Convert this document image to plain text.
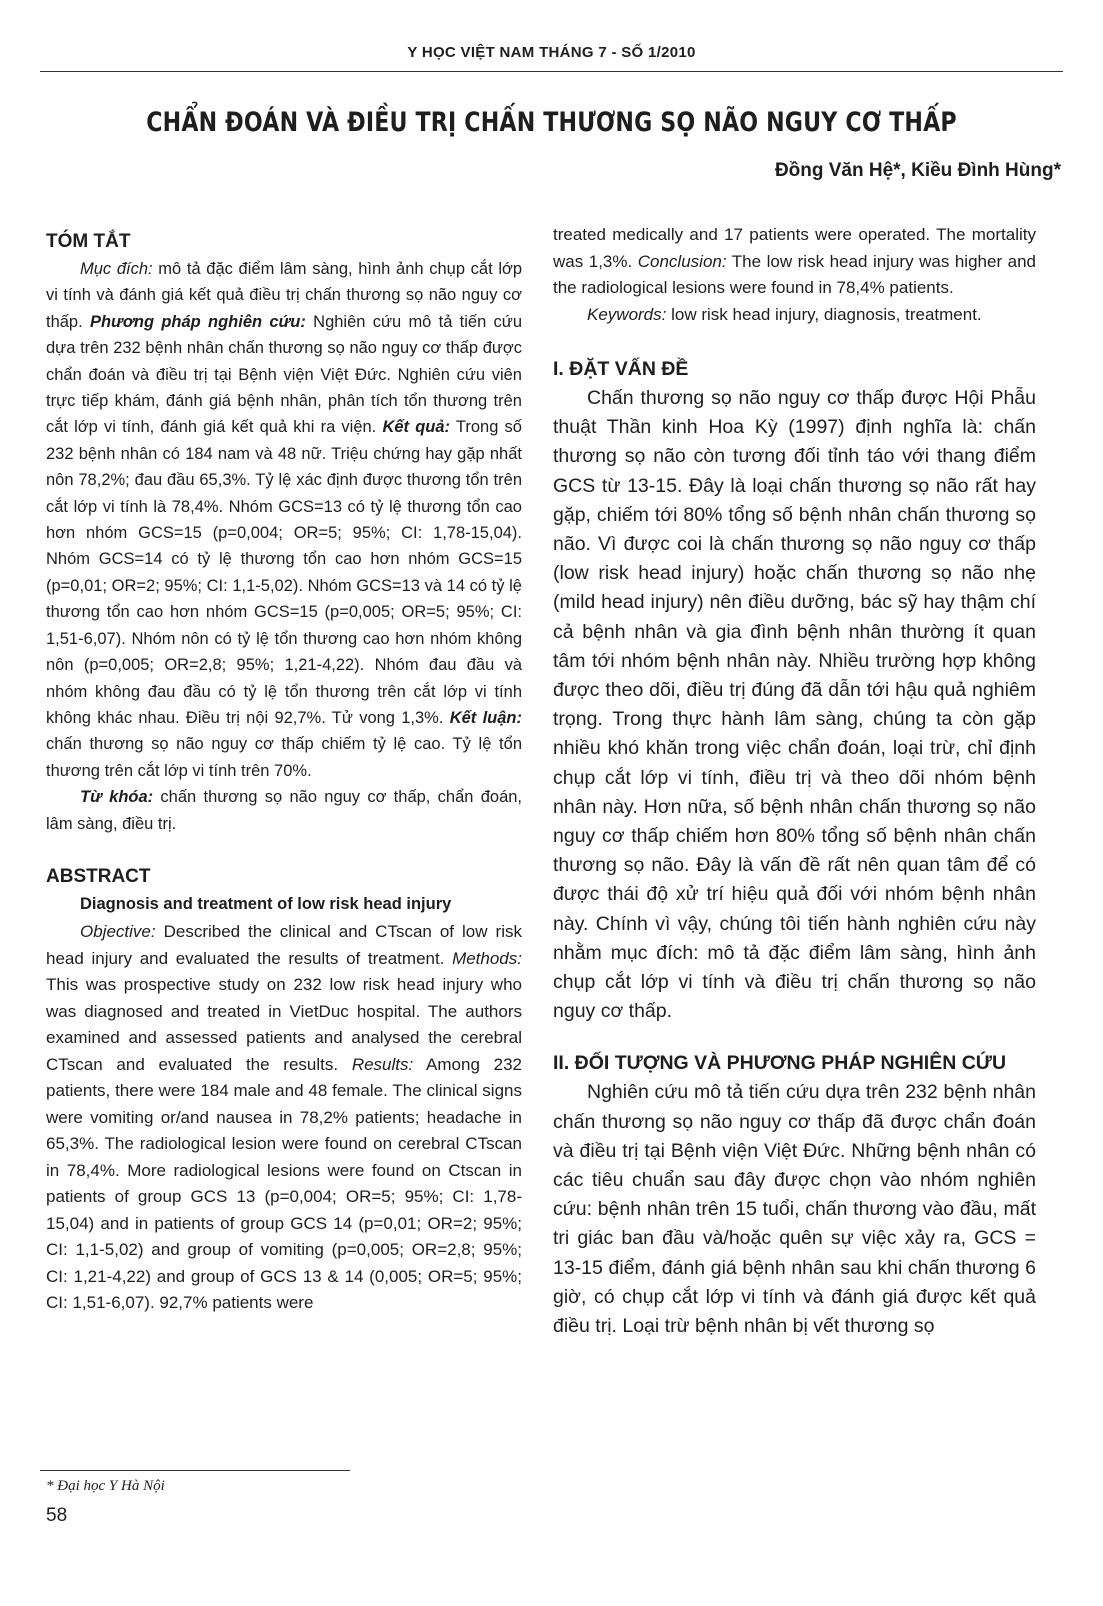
Y HỌC VIỆT NAM THÁNG 7 - SỐ 1/2010
CHẨN ĐOÁN VÀ ĐIỀU TRỊ CHẤN THƯƠNG SỌ NÃO NGUY CƠ THẤP
Đồng Văn Hệ*, Kiều Đình Hùng*
TÓM TẮT

Mục đích: mô tả đặc điểm lâm sàng, hình ảnh chụp cắt lớp vi tính và đánh giá kết quả điều trị chấn thương sọ não nguy cơ thấp. Phương pháp nghiên cứu: Nghiên cứu mô tả tiến cứu dựa trên 232 bệnh nhân chấn thương sọ não nguy cơ thấp được chẩn đoán và điều trị tại Bệnh viện Việt Đức. Nghiên cứu viên trực tiếp khám, đánh giá bệnh nhân, phân tích tổn thương trên cắt lớp vi tính, đánh giá kết quả khi ra viện. Kết quả: Trong số 232 bệnh nhân có 184 nam và 48 nữ. Triệu chứng hay gặp nhất nôn 78,2%; đau đầu 65,3%. Tỷ lệ xác định được thương tổn trên cắt lớp vi tính là 78,4%. Nhóm GCS=13 có tỷ lệ thương tổn cao hơn nhóm GCS=15 (p=0,004; OR=5; 95%; CI: 1,78-15,04). Nhóm GCS=14 có tỷ lệ thương tổn cao hơn nhóm GCS=15 (p=0,01; OR=2; 95%; CI: 1,1-5,02). Nhóm GCS=13 và 14 có tỷ lệ thương tổn cao hơn nhóm GCS=15 (p=0,005; OR=5; 95%; CI: 1,51-6,07). Nhóm nôn có tỷ lệ tổn thương cao hơn nhóm không nôn (p=0,005; OR=2,8; 95%; 1,21-4,22). Nhóm đau đầu và nhóm không đau đầu có tỷ lệ tổn thương trên cắt lớp vi tính không khác nhau. Điều trị nội 92,7%. Tử vong 1,3%. Kết luận: chấn thương sọ não nguy cơ thấp chiếm tỷ lệ cao. Tỷ lệ tổn thương trên cắt lớp vi tính trên 70%.

Từ khóa: chấn thương sọ não nguy cơ thấp, chẩn đoán, lâm sàng, điều trị.

ABSTRACT
Diagnosis and treatment of low risk head injury

Objective: Described the clinical and CTscan of low risk head injury and evaluated the results of treatment. Methods: This was prospective study on 232 low risk head injury who was diagnosed and treated in VietDuc hospital. The authors examined and assessed patients and analysed the cerebral CTscan and evaluated the results. Results: Among 232 patients, there were 184 male and 48 female. The clinical signs were vomiting or/and nausea in 78,2% patients; headache in 65,3%. The radiological lesion were found on cerebral CTscan in 78,4%. More radiological lesions were found on Ctscan in patients of group GCS 13 (p=0,004; OR=5; 95%; CI: 1,78-15,04) and in patients of group GCS 14 (p=0,01; OR=2; 95%; CI: 1,1-5,02) and group of vomiting (p=0,005; OR=2,8; 95%; CI: 1,21-4,22) and group of GCS 13 & 14 (0,005; OR=5; 95%; CI: 1,51-6,07). 92,7% patients were

treated medically and 17 patients were operated. The mortality was 1,3%. Conclusion: The low risk head injury was higher and the radiological lesions were found in 78,4% patients.

Keywords: low risk head injury, diagnosis, treatment.

I. ĐẶT VẤN ĐỀ

Chấn thương sọ não nguy cơ thấp được Hội Phẫu thuật Thần kinh Hoa Kỳ (1997) định nghĩa là: chấn thương sọ não còn tương đối tỉnh táo với thang điểm GCS từ 13-15. Đây là loại chấn thương sọ não rất hay gặp, chiếm tới 80% tổng số bệnh nhân chấn thương sọ não. Vì được coi là chấn thương sọ não nguy cơ thấp (low risk head injury) hoặc chấn thương sọ não nhẹ (mild head injury) nên điều dưỡng, bác sỹ hay thậm chí cả bệnh nhân và gia đình bệnh nhân thường ít quan tâm tới nhóm bệnh nhân này. Nhiều trường hợp không được theo dõi, điều trị đúng đã dẫn tới hậu quả nghiêm trọng. Trong thực hành lâm sàng, chúng ta còn gặp nhiều khó khăn trong việc chẩn đoán, loại trừ, chỉ định chụp cắt lớp vi tính, điều trị và theo dõi nhóm bệnh nhân này. Hơn nữa, số bệnh nhân chấn thương sọ não nguy cơ thấp chiếm hơn 80% tổng số bệnh nhân chấn thương sọ não. Đây là vấn đề rất nên quan tâm để có được thái độ xử trí hiệu quả đối với nhóm bệnh nhân này. Chính vì vậy, chúng tôi tiến hành nghiên cứu này nhằm mục đích: mô tả đặc điểm lâm sàng, hình ảnh chụp cắt lớp vi tính và điều trị chấn thương sọ não nguy cơ thấp.

II. ĐỐI TƯỢNG VÀ PHƯƠNG PHÁP NGHIÊN CỨU

Nghiên cứu mô tả tiến cứu dựa trên 232 bệnh nhân chấn thương sọ não nguy cơ thấp đã được chẩn đoán và điều trị tại Bệnh viện Việt Đức. Những bệnh nhân có các tiêu chuẩn sau đây được chọn vào nhóm nghiên cứu: bệnh nhân trên 15 tuổi, chấn thương vào đầu, mất tri giác ban đầu và/hoặc quên sự việc xảy ra, GCS = 13-15 điểm, đánh giá bệnh nhân sau khi chấn thương 6 giờ, có chụp cắt lớp vi tính và đánh giá được kết quả điều trị. Loại trừ bệnh nhân bị vết thương sọ

* Đại học Y Hà Nội
58
